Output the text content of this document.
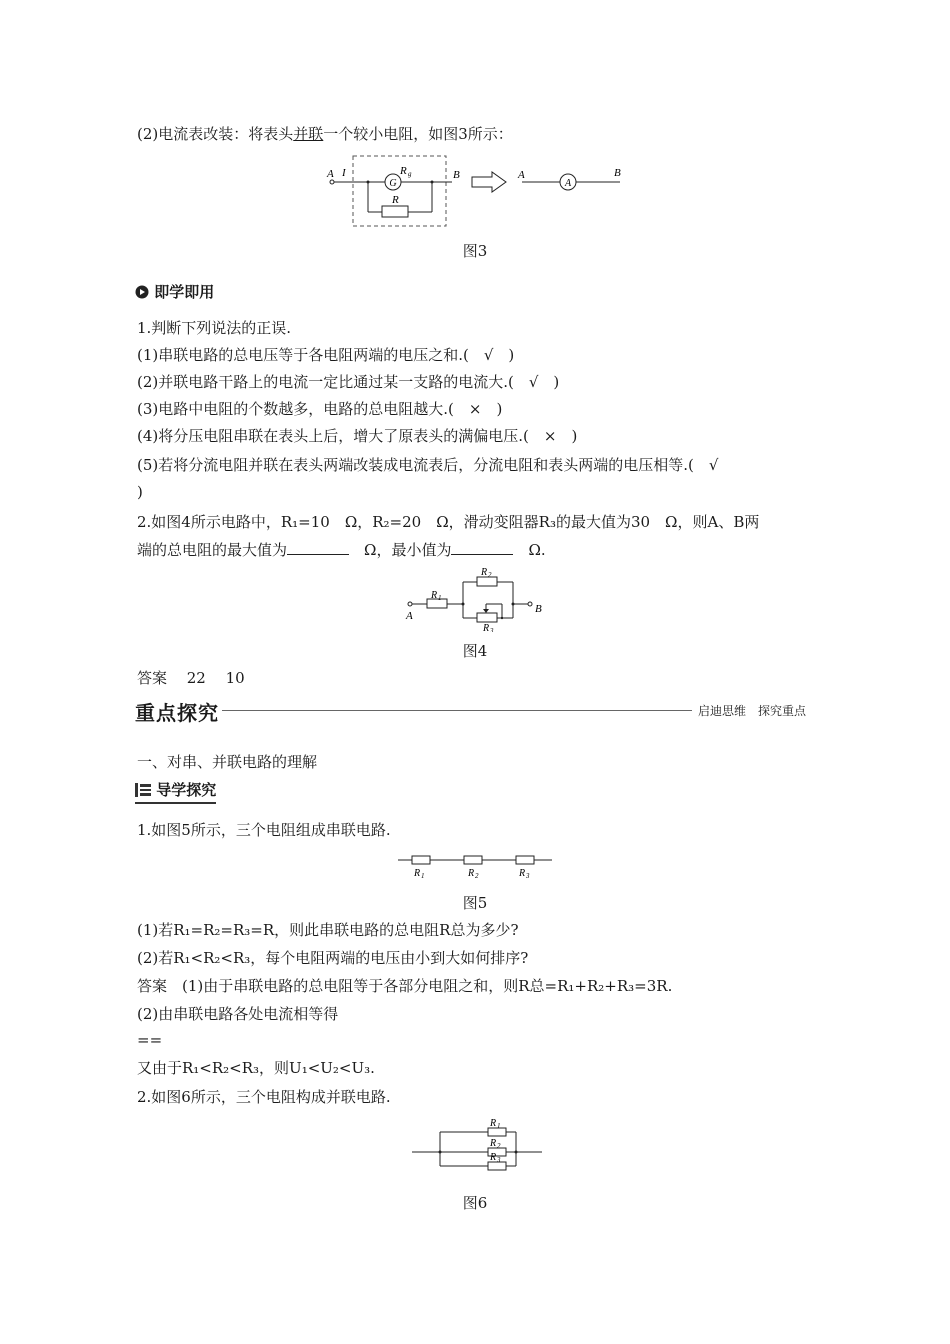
(2)电流表改装：将表头并联一个较小电阻，如图3所示：
G
A I	R g
R
B	A
A
B
图3
即学即用
1.判断下列说法的正误.
(1)串联电路的总电压等于各电阻两端的电压之和.(　√　)
(2)并联电路干路上的电流一定比通过某一支路的电流大.(　√　)
(3)电路中电阻的个数越多，电路的总电阻越大.(　×　)
(4)将分压电阻串联在表头上后，增大了原表头的满偏电压.(　×　)
(5)若将分流电阻并联在表头两端改装成电流表后，分流电阻和表头两端的电压相等.(　√
)
2.如图4所示电路中，R₁=10　Ω，R₂=20　Ω，滑动变阻器R₃的最大值为30　Ω，则A、B两
端的总电阻的最大值为	　Ω，最小值为	　Ω.
A
B
R 1
R 2
R 3
图4
答案　 22　 10
重点探究	启迪思维　探究重点
一、对串、并联电路的理解
导学探究
1.如图5所示，三个电阻组成串联电路.
R 1	R 2	R 3
图5
(1)若R₁=R₂=R₃=R，则此串联电路的总电阻R总为多少?
(2)若R₁<R₂<R₃，每个电阻两端的电压由小到大如何排序?
答案　(1)由于串联电路的总电阻等于各部分电阻之和，则R总=R₁+R₂+R₃=3R.
(2)由串联电路各处电流相等得
==
又由于R₁<R₂<R₃，则U₁<U₂<U₃.
2.如图6所示，三个电阻构成并联电路.
R 1
R 2
R 3
图6
